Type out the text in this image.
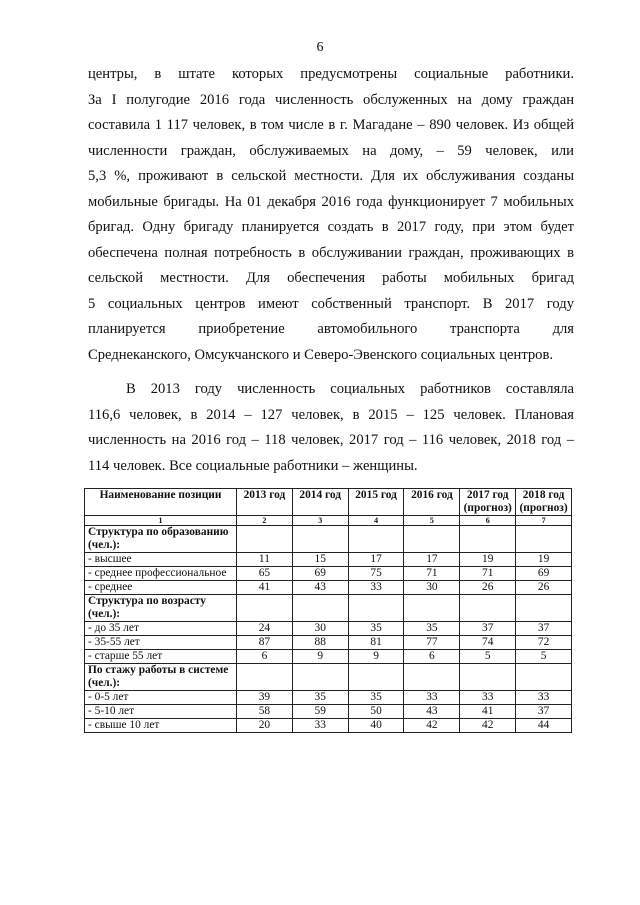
6
центры, в штате которых предусмотрены социальные работники.
За I полугодие 2016 года численность обслуженных на дому граждан
составила 1 117 человек, в том числе в г. Магадане – 890 человек. Из общей
численности граждан, обслуживаемых на дому, – 59 человек, или
5,3 %, проживают в сельской местности. Для их обслуживания созданы
мобильные бригады. На 01 декабря 2016 года функционирует 7 мобильных
бригад. Одну бригаду планируется создать в 2017 году, при этом будет
обеспечена полная потребность в обслуживании граждан, проживающих в
сельской местности. Для обеспечения работы мобильных бригад
5 социальных центров имеют собственный транспорт. В 2017 году
планируется приобретение автомобильного транспорта для
Среднеканского, Омсукчанского и Северо-Эвенского социальных центров.
В 2013 году численность социальных работников составляла
116,6 человек, в 2014 – 127 человек, в 2015 – 125 человек. Плановая
численность на 2016 год – 118 человек, 2017 год – 116 человек, 2018 год –
114 человек. Все социальные работники – женщины.
Наименование позиции	2013 год	2014 год	2015 год	2016 год	2017 год (прогноз)	2018 год (прогноз)
1	2	3	4	5	6	7
Структура по образованию (чел.):						
- высшее	11	15	17	17	19	19
- среднее профессиональное	65	69	75	71	71	69
- среднее	41	43	33	30	26	26
Структура по возрасту (чел.):						
- до 35 лет	24	30	35	35	37	37
- 35-55 лет	87	88	81	77	74	72
- старше 55 лет	6	9	9	6	5	5
По стажу работы в системе (чел.):						
- 0-5 лет	39	35	35	33	33	33
- 5-10 лет	58	59	50	43	41	37
- свыше 10 лет	20	33	40	42	42	44
